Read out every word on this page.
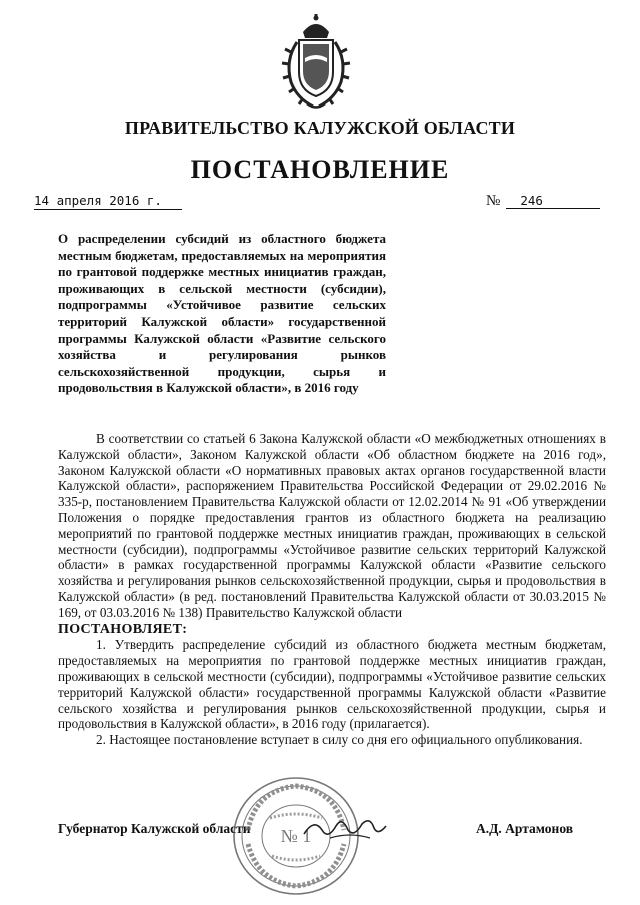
ПРАВИТЕЛЬСТВО КАЛУЖСКОЙ ОБЛАСТИ
ПОСТАНОВЛЕНИЕ
14 апреля 2016 г.	№ 246
О распределении субсидий из областного бюджета местным бюджетам, предоставляемых на мероприятия по грантовой поддержке местных инициатив граждан, проживающих в сельской местности (субсидии), подпрограммы «Устойчивое развитие сельских территорий Калужской области» государственной программы Калужской области «Развитие сельского хозяйства и регулирования рынков сельскохозяйственной продукции, сырья и продовольствия в Калужской области», в 2016 году

В соответствии со статьей 6 Закона Калужской области «О межбюджетных отношениях в Калужской области», Законом Калужской области «Об областном бюджете на 2016 год», Законом Калужской области «О нормативных правовых актах органов государственной власти Калужской области», распоряжением Правительства Российской Федерации от 29.02.2016 № 335-р, постановлением Правительства Калужской области от 12.02.2014 № 91 «Об утверждении Положения о порядке предоставления грантов из областного бюджета на реализацию мероприятий по грантовой поддержке местных инициатив граждан, проживающих в сельской местности (субсидии), подпрограммы «Устойчивое развитие сельских территорий Калужской области» в рамках государственной программы Калужской области «Развитие сельского хозяйства и регулирования рынков сельскохозяйственной продукции, сырья и продовольствия в Калужской области» (в ред. постановлений Правительства Калужской области от 30.03.2015 № 169, от 03.03.2016 № 138) Правительство Калужской области
ПОСТАНОВЛЯЕТ:

1. Утвердить распределение субсидий из областного бюджета местным бюджетам, предоставляемых на мероприятия по грантовой поддержке местных инициатив граждан, проживающих в сельской местности (субсидии), подпрограммы «Устойчивое развитие сельских территорий Калужской области» государственной программы Калужской области «Развитие сельского хозяйства и регулирования рынков сельскохозяйственной продукции, сырья и продовольствия в Калужской области», в 2016 году (прилагается).

2. Настоящее постановление вступает в силу со дня его официального опубликования.

Губернатор Калужской области	А.Д. Артамонов
№ 1
